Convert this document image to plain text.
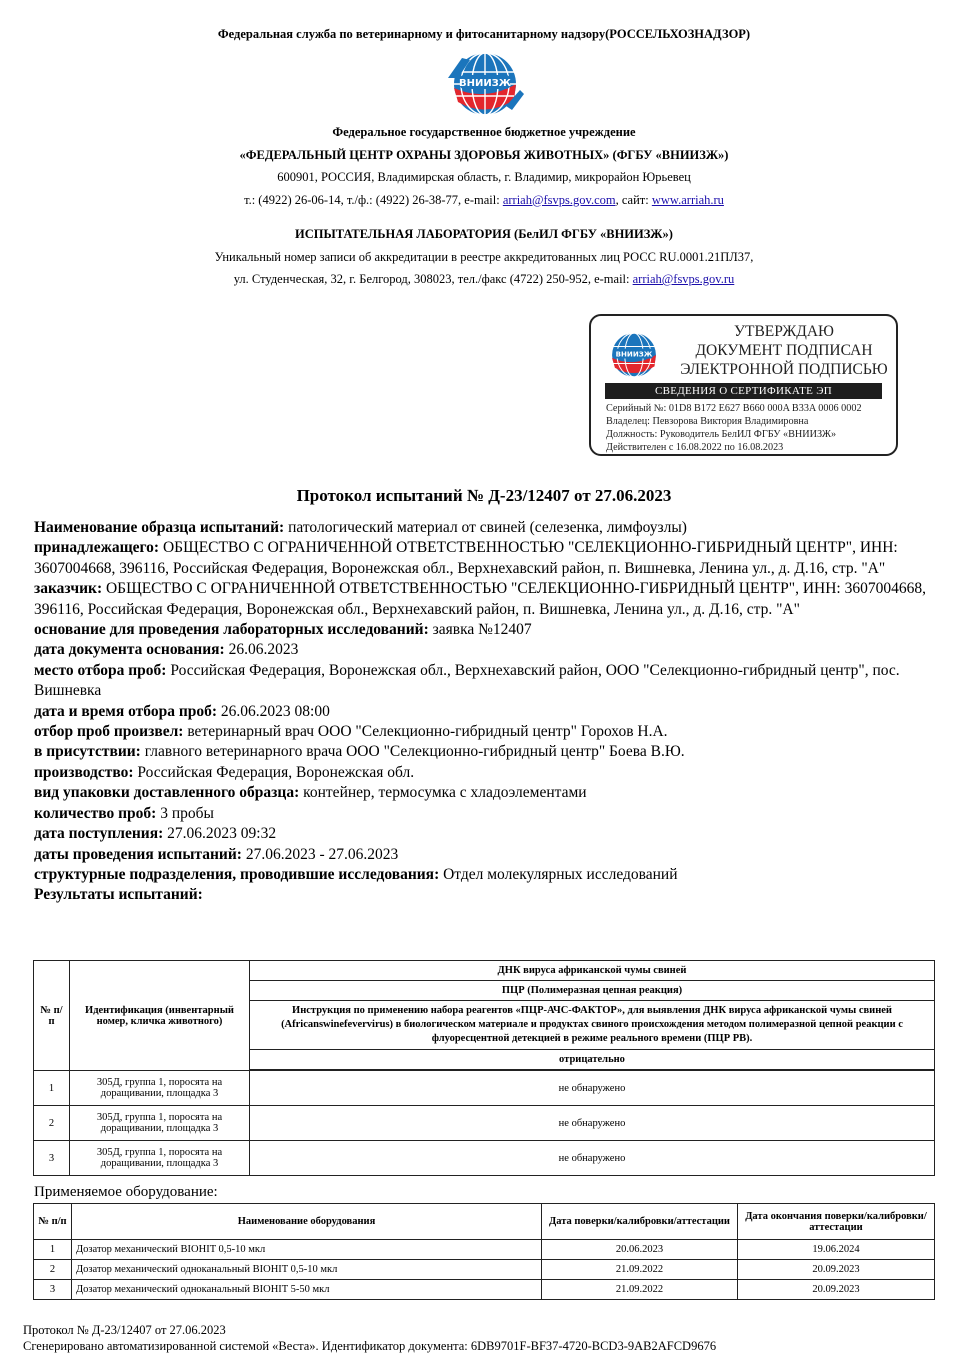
Федеральная служба по ветеринарному и фитосанитарному надзору(РОССЕЛЬХОЗНАДЗОР)
ВНИИЗЖ
Федеральное государственное бюджетное учреждение
«ФЕДЕРАЛЬНЫЙ ЦЕНТР ОХРАНЫ ЗДОРОВЬЯ ЖИВОТНЫХ» (ФГБУ «ВНИИЗЖ»)
600901, РОССИЯ, Владимирская область, г. Владимир, микрорайон Юрьевец
т.: (4922) 26-06-14, т./ф.: (4922) 26-38-77, e-mail: arriah@fsvps.gov.com, сайт: www.arriah.ru
ИСПЫТАТЕЛЬНАЯ ЛАБОРАТОРИЯ (БелИЛ ФГБУ «ВНИИЗЖ»)
Уникальный номер записи об аккредитации в реестре аккредитованных лиц РОСС RU.0001.21ПЛ37,
ул. Студенческая, 32, г. Белгород, 308023, тел./факс (4722) 250-952, e-mail: arriah@fsvps.gov.ru
ВНИИЗЖ
УТВЕРЖДАЮ
ДОКУМЕНТ ПОДПИСАН
ЭЛЕКТРОННОЙ ПОДПИСЬЮ
СВЕДЕНИЯ О СЕРТИФИКАТЕ ЭП
Серийный №: 01D8 B172 E627 B660 000A B33A 0006 0002
Владелец: Певзорова Виктория Владимировна
Должность: Руководитель БелИЛ ФГБУ «ВНИИЗЖ»
Действителен с 16.08.2022 по 16.08.2023
Протокол испытаний № Д-23/12407 от 27.06.2023
Наименование образца испытаний: патологический материал от свиней (селезенка, лимфоузлы)
принадлежащего: ОБЩЕСТВО С ОГРАНИЧЕННОЙ ОТВЕТСТВЕННОСТЬЮ "СЕЛЕКЦИОННО-ГИБРИДНЫЙ ЦЕНТР", ИНН: 3607004668, 396116, Российская Федерация, Воронежская обл., Верхнехавский район, п. Вишневка, Ленина ул., д. Д.16, стр. "А"
заказчик: ОБЩЕСТВО С ОГРАНИЧЕННОЙ ОТВЕТСТВЕННОСТЬЮ "СЕЛЕКЦИОННО-ГИБРИДНЫЙ ЦЕНТР", ИНН: 3607004668, 396116, Российская Федерация, Воронежская обл., Верхнехавский район, п. Вишневка, Ленина ул., д. Д.16, стр. "А"
основание для проведения лабораторных исследований: заявка №12407
дата документа основания: 26.06.2023
место отбора проб: Российская Федерация, Воронежская обл., Верхнехавский район, ООО "Селекционно-гибридный центр", пос. Вишневка
дата и время отбора проб: 26.06.2023 08:00
отбор проб произвел: ветеринарный врач ООО "Селекционно-гибридный центр" Горохов Н.А.
в присутствии: главного ветеринарного врача ООО "Селекционно-гибридный центр" Боева В.Ю.
производство: Российская Федерация, Воронежская обл.
вид упаковки доставленного образца: контейнер, термосумка с хладоэлементами
количество проб: 3 пробы
дата поступления: 27.06.2023 09:32
даты проведения испытаний: 27.06.2023 - 27.06.2023
структурные подразделения, проводившие исследования: Отдел молекулярных исследований
Результаты испытаний:
№ п/п	Идентификация (инвентарный номер, кличка животного)	ДНК вируса африканской чумы свиней
		ПЦР (Полимеразная цепная реакция)
		Инструкция по применению набора реагентов «ПЦР-АЧС-ФАКТОР», для выявления ДНК вируса африканской чумы свиней (Africanswinefevervirus) в биологическом материале и продуктах свиного происхождения методом полимеразной цепной реакции с флуоресцентной детекцией в режиме реального времени (ПЦР РВ).
		отрицательно

1	305Д, группа 1, поросята на доращивании, площадка 3	не обнаружено
2	305Д, группа 1, поросята на доращивании, площадка 3	не обнаружено
3	305Д, группа 1, поросята на доращивании, площадка 3	не обнаружено
Применяемое оборудование:
№ п/п	Наименование оборудования	Дата поверки/калибровки/аттестации	Дата окончания поверки/калибровки/аттестации
1	Дозатор механический BIOHIT 0,5-10 мкл	20.06.2023	19.06.2024
2	Дозатор механический одноканальный BIOHIT 0,5-10 мкл	21.09.2022	20.09.2023
3	Дозатор механический одноканальный BIOHIT 5-50 мкл	21.09.2022	20.09.2023
Протокол № Д-23/12407 от 27.06.2023
Сгенерировано автоматизированной системой «Веста». Идентификатор документа: 6DB9701F-BF37-4720-BCD3-9AB2AFCD9676
